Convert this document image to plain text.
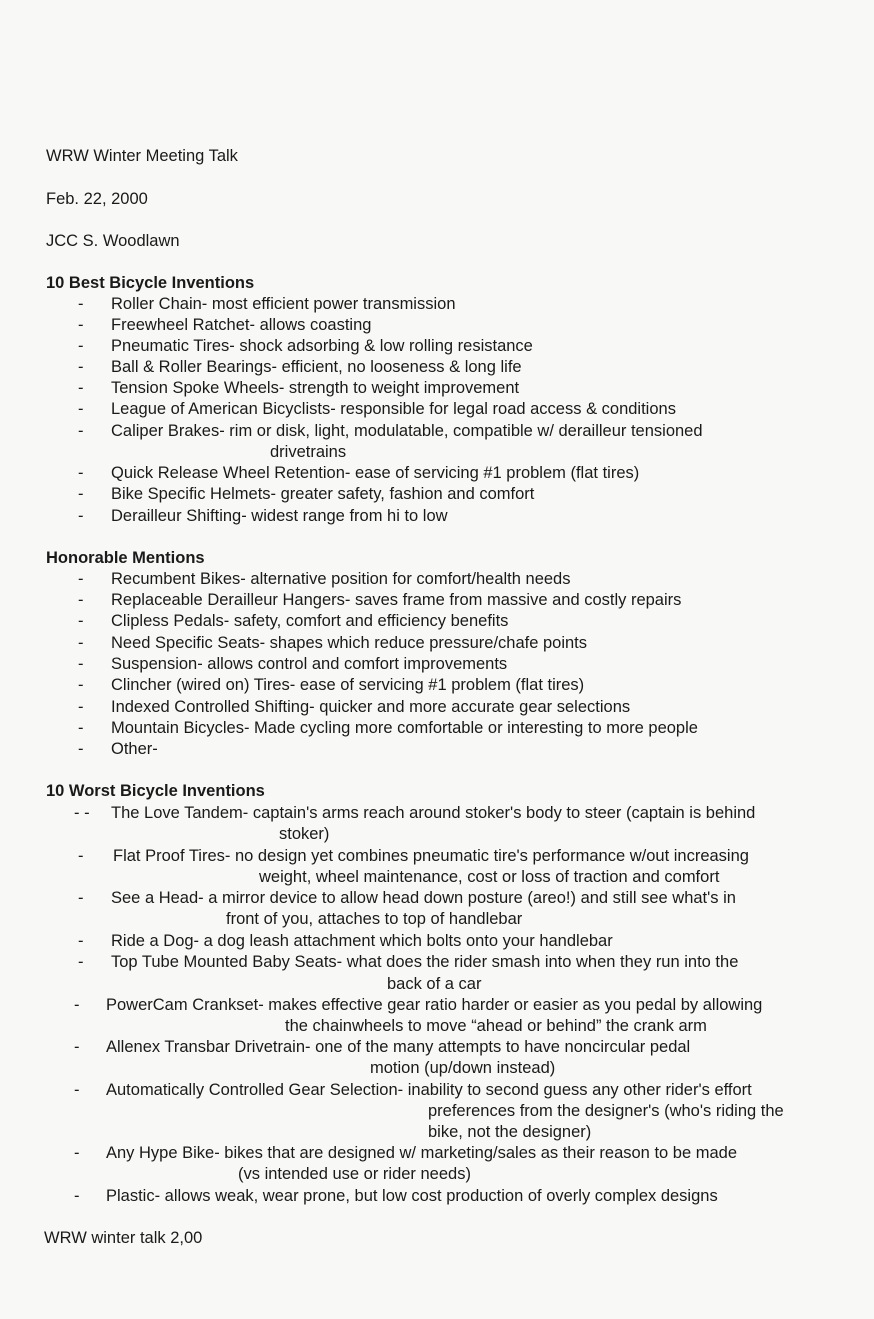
WRW Winter Meeting Talk
Feb. 22, 2000
JCC S. Woodlawn
10 Best Bicycle Inventions
- Roller Chain- most efficient power transmission
- Freewheel Ratchet- allows coasting
- Pneumatic Tires- shock adsorbing & low rolling resistance
- Ball & Roller Bearings- efficient, no looseness & long life
- Tension Spoke Wheels- strength to weight improvement
- League of American Bicyclists- responsible for legal road access & conditions
- Caliper Brakes- rim or disk, light, modulatable, compatible w/ derailleur tensioned
drivetrains
- Quick Release Wheel Retention- ease of servicing #1 problem (flat tires)
- Bike Specific Helmets- greater safety, fashion and comfort
- Derailleur Shifting- widest range from hi to low
Honorable Mentions
- Recumbent Bikes- alternative position for comfort/health needs
- Replaceable Derailleur Hangers- saves frame from massive and costly repairs
- Clipless Pedals- safety, comfort and efficiency benefits
- Need Specific Seats- shapes which reduce pressure/chafe points
- Suspension- allows control and comfort improvements
- Clincher (wired on) Tires- ease of servicing #1 problem (flat tires)
- Indexed Controlled Shifting- quicker and more accurate gear selections
- Mountain Bicycles- Made cycling more comfortable or interesting to more people
- Other-
10 Worst Bicycle Inventions
- - The Love Tandem- captain's arms reach around stoker's body to steer (captain is behind
stoker)
- Flat Proof Tires- no design yet combines pneumatic tire's performance w/out increasing
weight, wheel maintenance, cost or loss of traction and comfort
- See a Head- a mirror device to allow head down posture (areo!) and still see what's in
front of you, attaches to top of handlebar
- Ride a Dog- a dog leash attachment which bolts onto your handlebar
- Top Tube Mounted Baby Seats- what does the rider smash into when they run into the
back of a car
- PowerCam Crankset- makes effective gear ratio harder or easier as you pedal by allowing
the chainwheels to move “ahead or behind” the crank arm
- Allenex Transbar Drivetrain- one of the many attempts to have noncircular pedal
motion (up/down instead)
- Automatically Controlled Gear Selection- inability to second guess any other rider's effort
preferences from the designer's (who's riding the
bike, not the designer)
- Any Hype Bike- bikes that are designed w/ marketing/sales as their reason to be made
(vs intended use or rider needs)
- Plastic- allows weak, wear prone, but low cost production of overly complex designs
WRW winter talk 2,00
